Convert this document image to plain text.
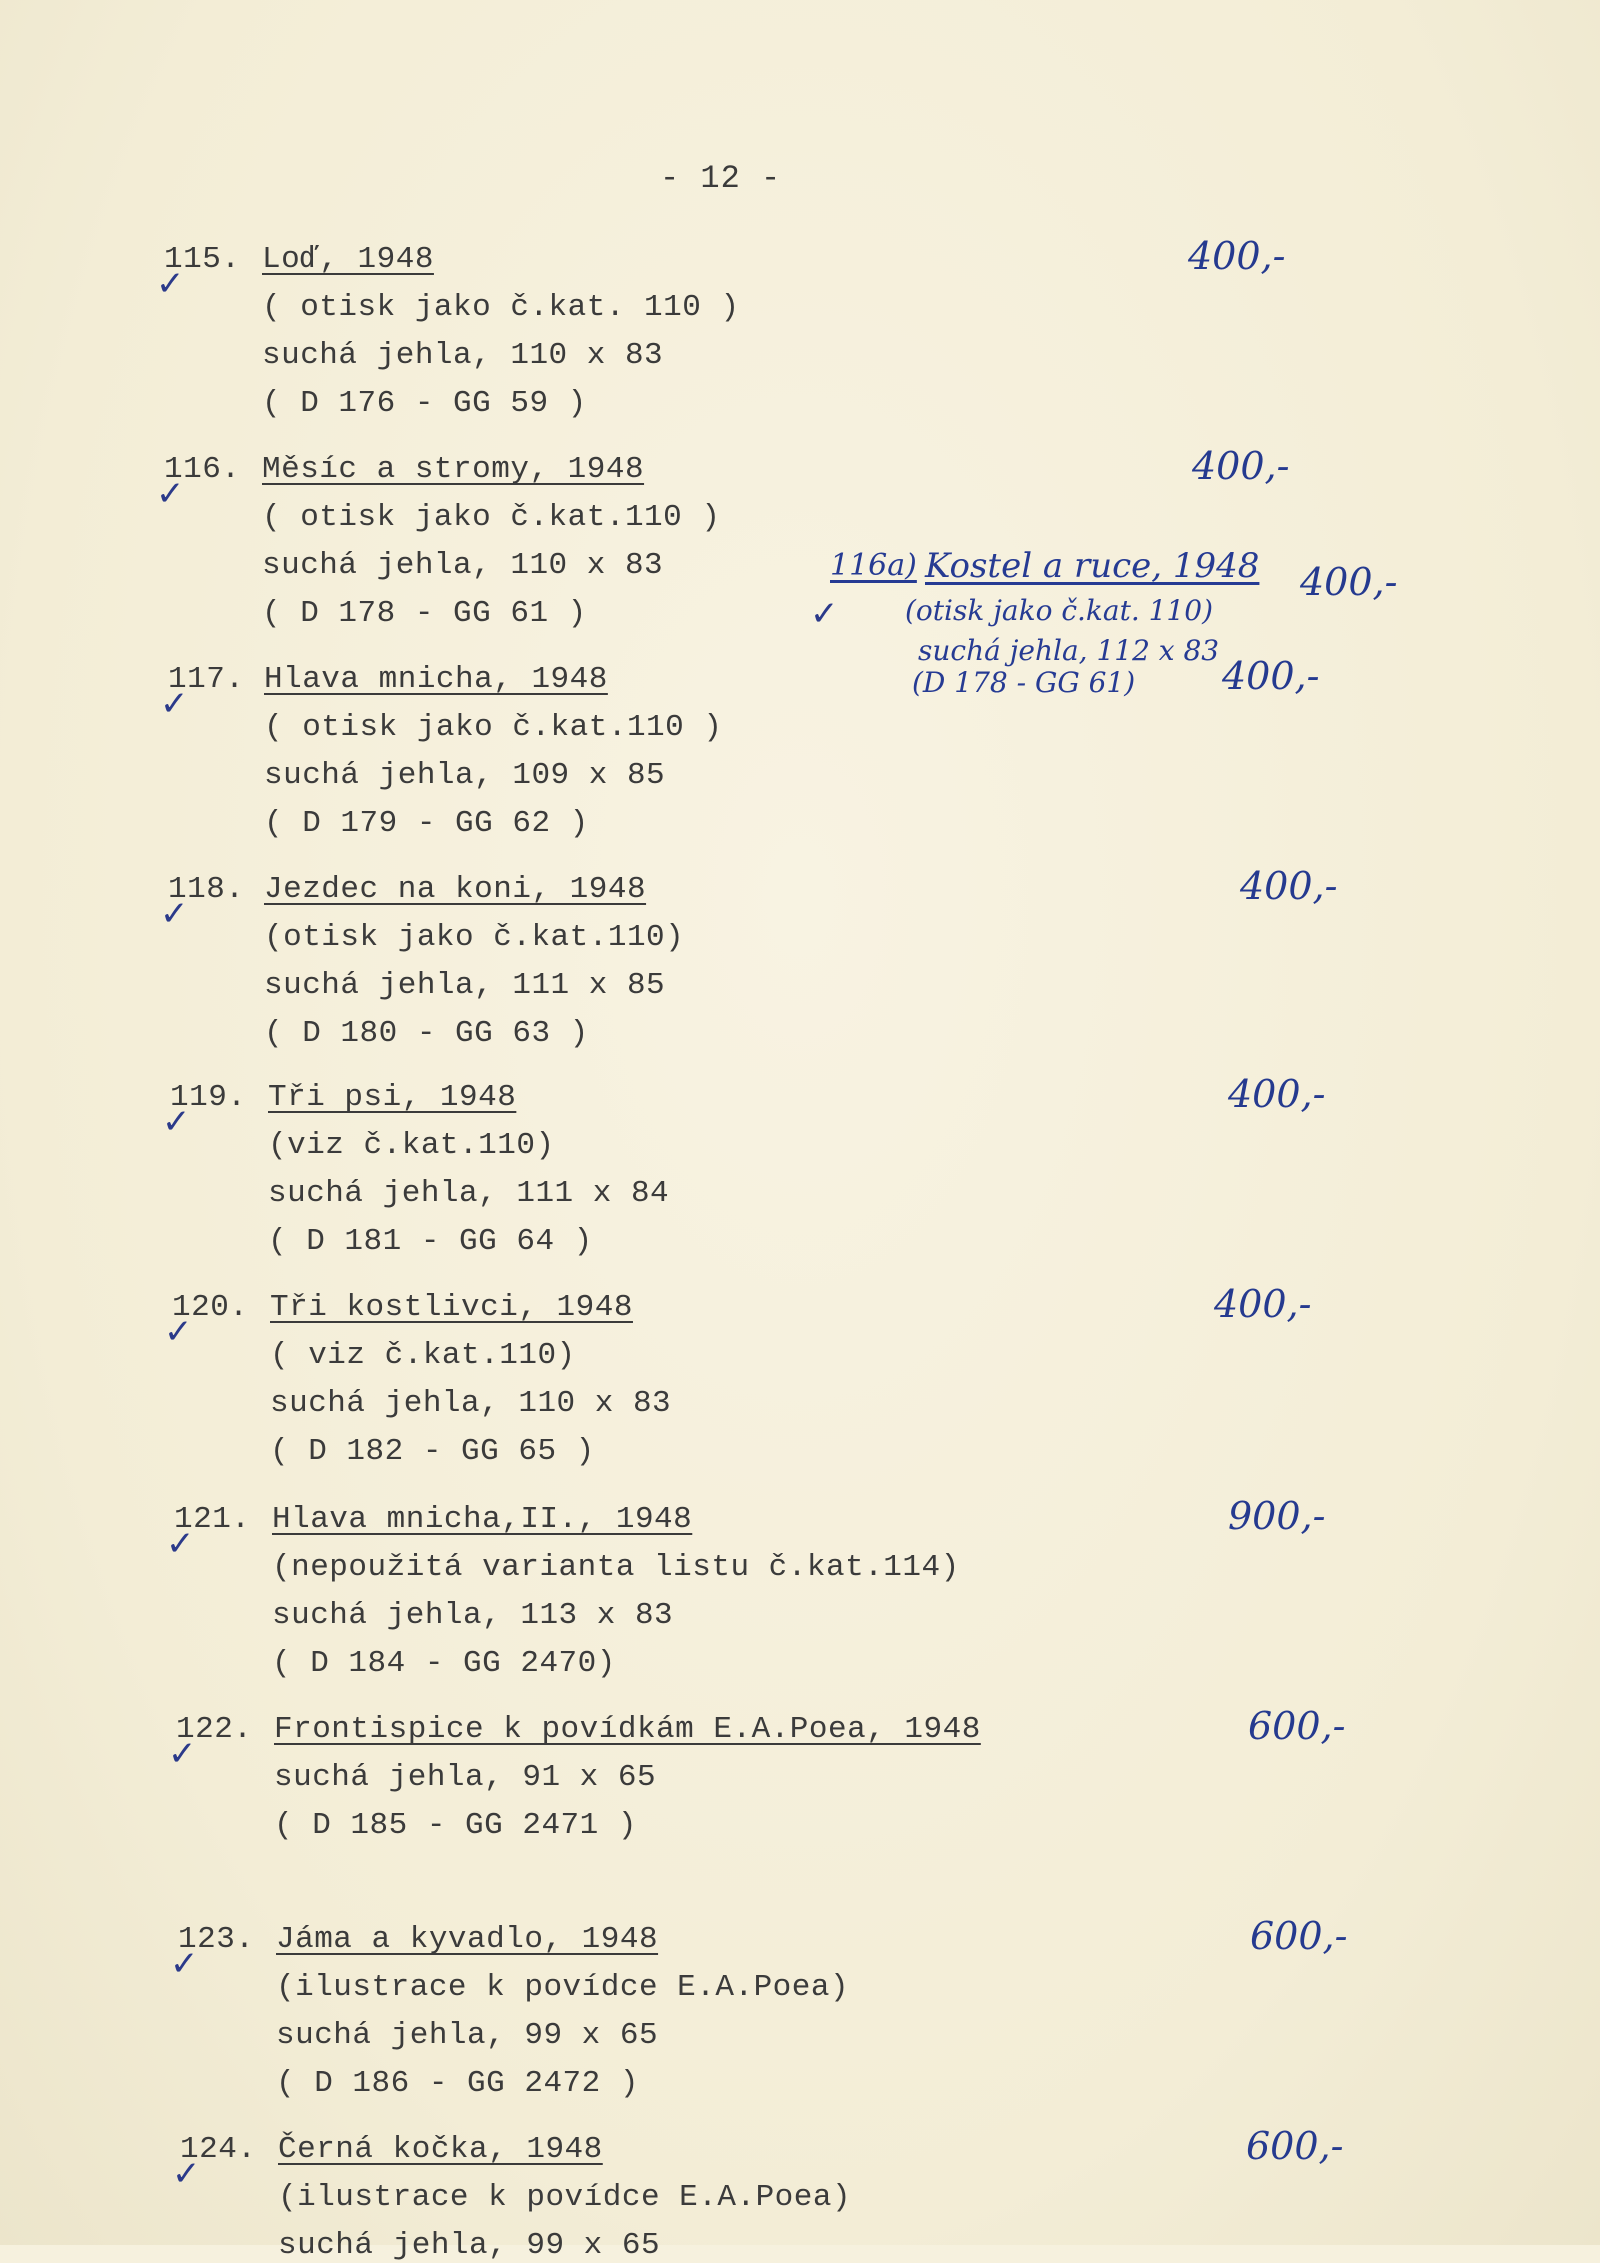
- 12 -
115.
✓
Loď, 1948
( otisk jako č.kat. 110 )
suchá jehla, 110 x 83
( D 176 - GG 59 )
400,-
116.
✓
Měsíc a stromy, 1948
( otisk jako č.kat.110 )
suchá jehla, 110 x 83
( D 178 - GG 61 )
400,-
117.
✓
Hlava mnicha, 1948
( otisk jako č.kat.110 )
suchá jehla, 109 x 85
( D 179 - GG 62 )
400,-
118.
✓
Jezdec na koni, 1948
(otisk jako č.kat.110)
suchá jehla, 111 x 85
( D 180 - GG 63 )
400,-
119.
✓
Tři psi, 1948
(viz č.kat.110)
suchá jehla, 111 x 84
( D 181 - GG 64 )
400,-
120.
✓
Tři kostlivci, 1948
( viz č.kat.110)
suchá jehla, 110 x 83
( D 182 - GG 65 )
400,-
121.
✓
Hlava mnicha,II., 1948
(nepoužitá varianta listu č.kat.114)
suchá jehla, 113 x 83
( D 184 - GG 2470)
900,-
122.
✓
Frontispice k povídkám E.A.Poea, 1948
suchá jehla, 91 x 65
( D 185 - GG 2471 )
600,-
123.
✓
Jáma a kyvadlo, 1948
(ilustrace k povídce E.A.Poea)
suchá jehla, 99 x 65
( D 186 - GG 2472 )
600,-
124.
✓
Černá kočka, 1948
(ilustrace k povídce E.A.Poea)
suchá jehla, 99 x 65
600,-
116a)
✓
Kostel a ruce, 1948
(otisk jako č.kat. 110)
suchá jehla, 112 x 83
(D 178 - GG 61)
400,-
